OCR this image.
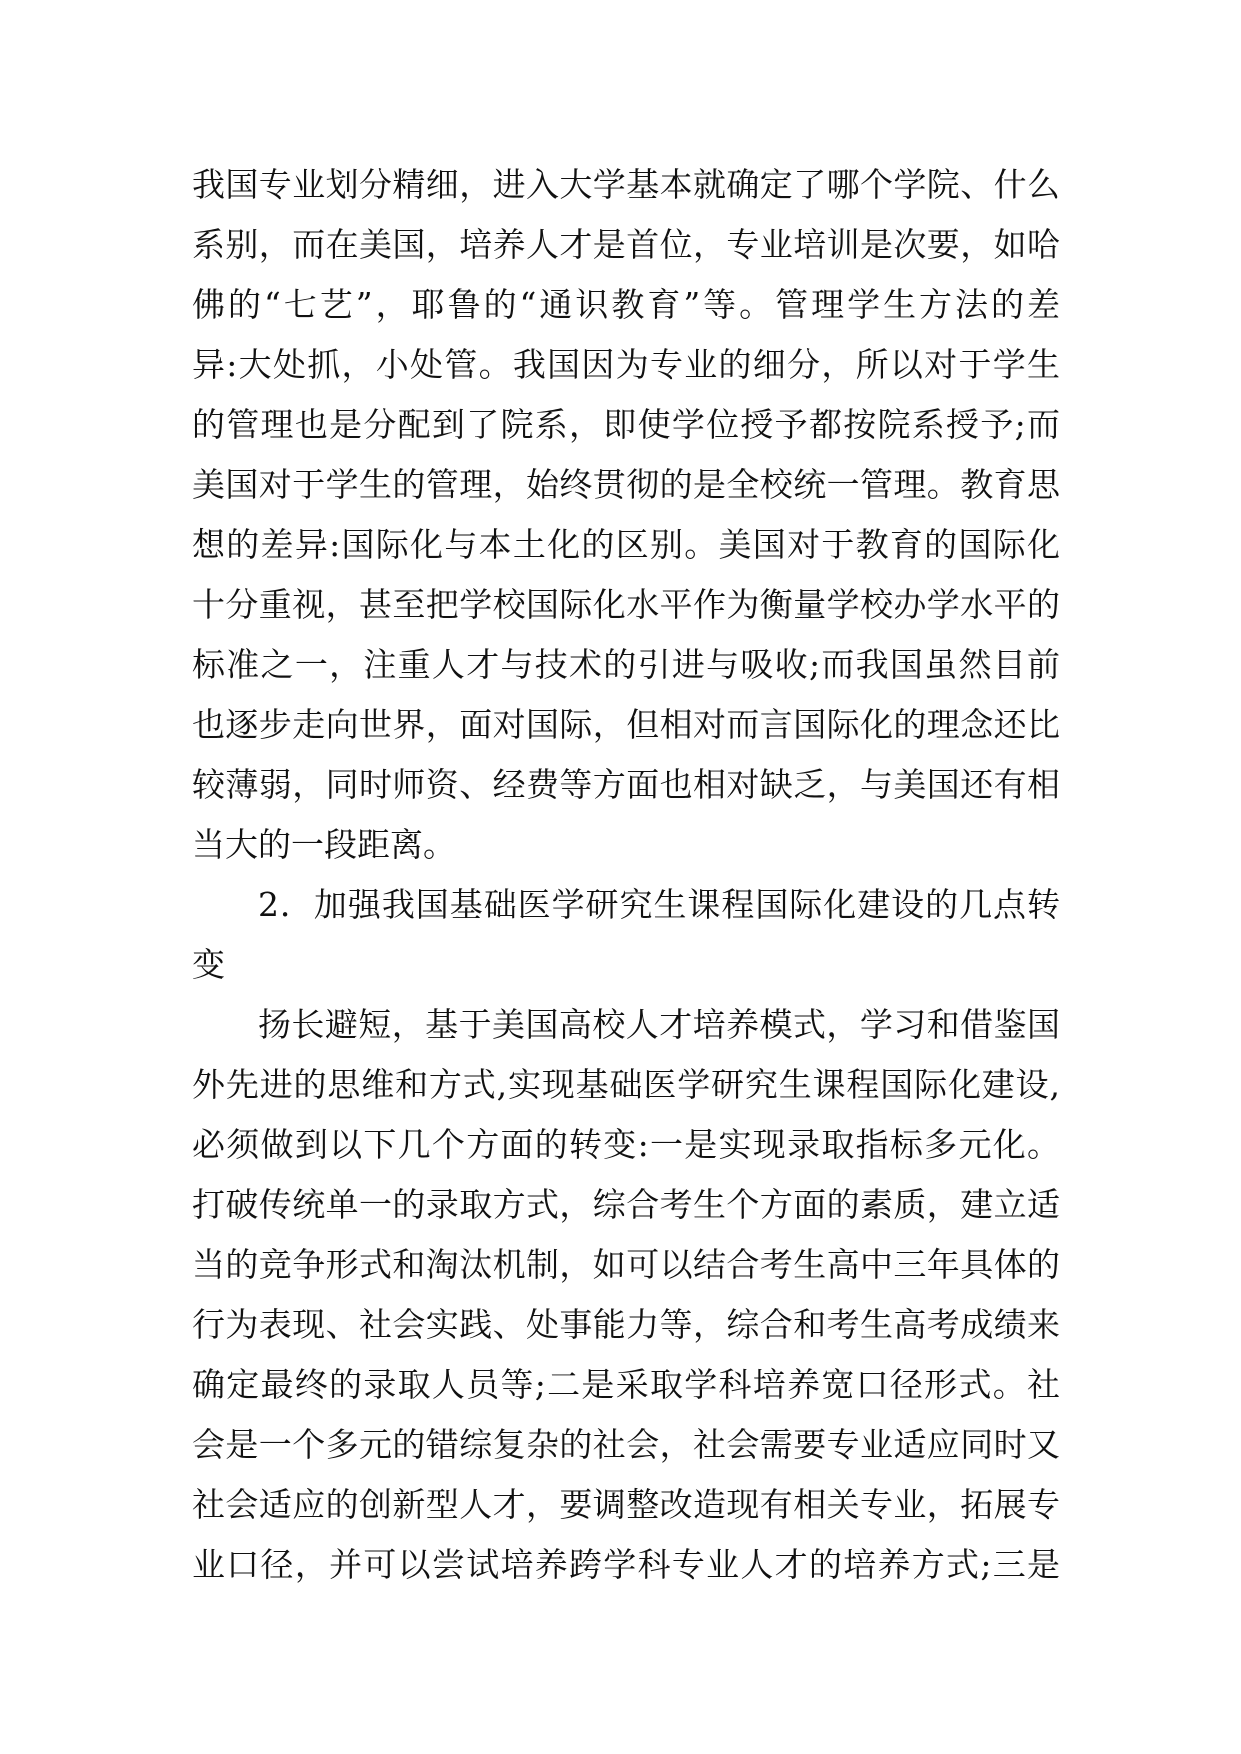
我国专业划分精细，进入大学基本就确定了哪个学院、什么
系别，而在美国，培养人才是首位，专业培训是次要，如哈
佛的“七艺”，耶鲁的“通识教育”等。管理学生方法的差
异:大处抓，小处管。我国因为专业的细分，所以对于学生
的管理也是分配到了院系，即使学位授予都按院系授予;而
美国对于学生的管理，始终贯彻的是全校统一管理。教育思
想的差异:国际化与本土化的区别。美国对于教育的国际化
十分重视，甚至把学校国际化水平作为衡量学校办学水平的
标准之一，注重人才与技术的引进与吸收;而我国虽然目前
也逐步走向世界，面对国际，但相对而言国际化的理念还比
较薄弱，同时师资、经费等方面也相对缺乏，与美国还有相
当大的一段距离。
2．加强我国基础医学研究生课程国际化建设的几点转
变
扬长避短，基于美国高校人才培养模式，学习和借鉴国
外先进的思维和方式,实现基础医学研究生课程国际化建设,
必须做到以下几个方面的转变:一是实现录取指标多元化。
打破传统单一的录取方式，综合考生个方面的素质，建立适
当的竞争形式和淘汰机制，如可以结合考生高中三年具体的
行为表现、社会实践、处事能力等，综合和考生高考成绩来
确定最终的录取人员等;二是采取学科培养宽口径形式。社
会是一个多元的错综复杂的社会，社会需要专业适应同时又
社会适应的创新型人才，要调整改造现有相关专业，拓展专
业口径，并可以尝试培养跨学科专业人才的培养方式;三是
